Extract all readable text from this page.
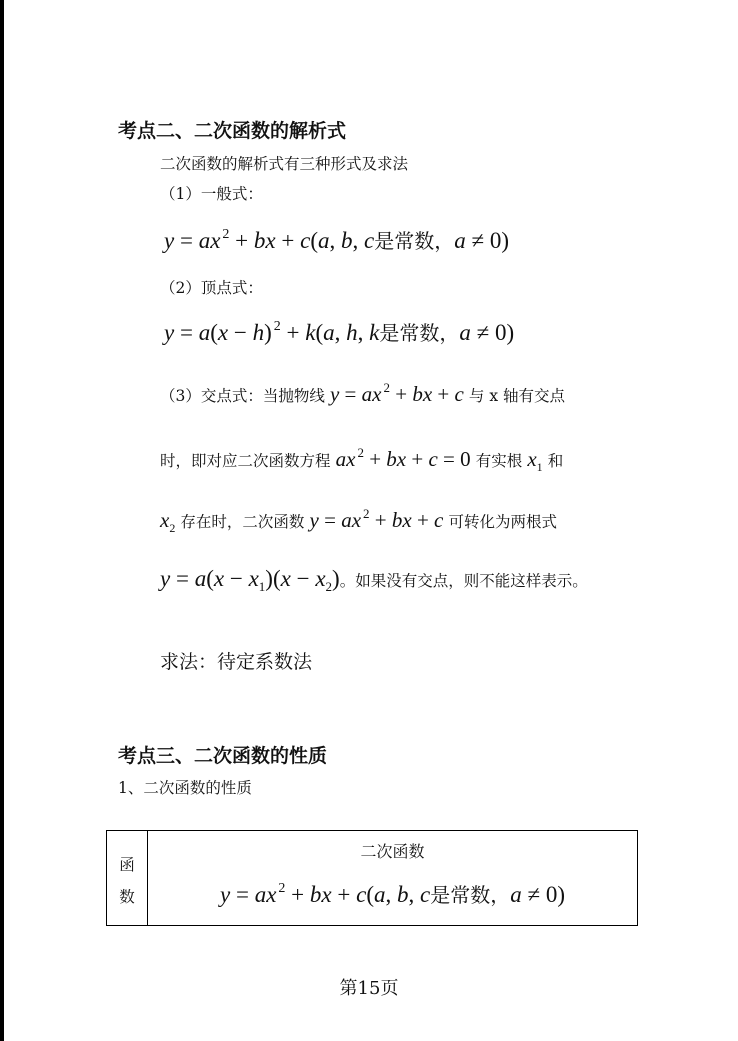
考点二、二次函数的解析式
二次函数的解析式有三种形式及求法
（1）一般式：
y = ax $^2$ + bx + c(a, b, c是常数，a ≠ 0)
（2）顶点式：
y = a(x − h) $^2$ + k(a, h, k是常数，a ≠ 0)
（3）交点式：当抛物线 y = ax $^2$ + bx + c 与 x 轴有交点
时，即对应二次函数方程 ax $^2$ + bx + c = 0 有实根 $x_1$ 和
$x_2$ 存在时，二次函数 y = ax $^2$ + bx + c 可转化为两根式
$y = a(x - x_1)(x - x_2)$。如果没有交点，则不能这样表示。
求法：待定系数法
考点三、二次函数的性质
1、二次函数的性质
函
数
二次函数
y = ax $^2$ + bx + c(a, b, c是常数，a ≠ 0)
第15页
